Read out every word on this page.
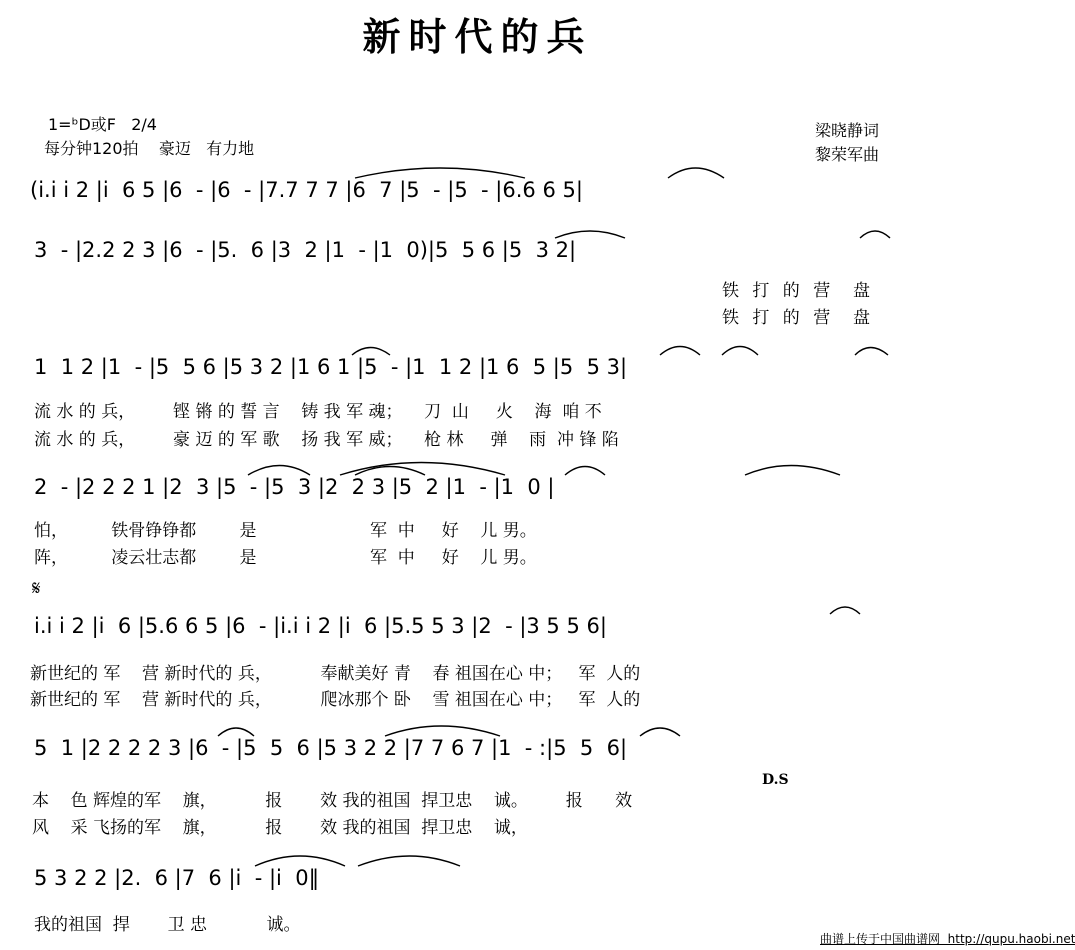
新时代的兵
1=ᵇD或F   2/4
每分钟120拍    豪迈   有力地
梁晓静词
黎荣军曲
(i.i i 2 |i  6 5 |6  - |6  - |7.7 7 7 |6  7 |5  - |5  - |6.6 6 5|
3  - |2.2 2 3 |6  - |5.  6 |3  2 |1  - |1  0)|5  5 6 |5  3 2|
铁 打 的 营  盘
铁 打 的 营  盘
1  1 2 |1  - |5  5 6 |5 3 2 |1 6 1 |5  - |1  1 2 |1 6  5 |5  5 3|
流 水 的 兵，       铿 锵 的 誓 言    铸 我 军 魂；    刀  山     火    海  咱 不
流 水 的 兵，       豪 迈 的 军 歌    扬 我 军 威；    枪 林     弹    雨  冲 锋 陷
2  - |2 2 2 1 |2  3 |5  - |5  3 |2  2 3 |5  2 |1  - |1  0 |
怕，        铁骨铮铮都        是                     军  中     好    儿 男。
阵，        凌云壮志都        是                     军  中     好    儿 男。
𝄋
i.i i 2 |i  6 |5.6 6 5 |6  - |i.i i 2 |i  6 |5.5 5 3 |2  - |3 5 5 6|
新世纪的 军    营 新时代的 兵，         奉献美好 青    春 祖国在心 中；   军  人的
新世纪的 军    营 新时代的 兵，         爬冰那个 卧    雪 祖国在心 中；   军  人的
5  1 |2 2 2 2 3 |6  - |5  5  6 |5 3 2 2 |7 7 6 7 |1  - :|5  5  6|
D.S
本    色 辉煌的军    旗，         报       效 我的祖国  捍卫忠    诚。       报      效
风    采 飞扬的军    旗，         报       效 我的祖国  捍卫忠    诚，
5 3 2 2 |2.  6 |7  6 |i  - |i  0‖
我的祖国  捍       卫 忠           诚。
曲谱上传于中国曲谱网  http://qupu.haobi.net
